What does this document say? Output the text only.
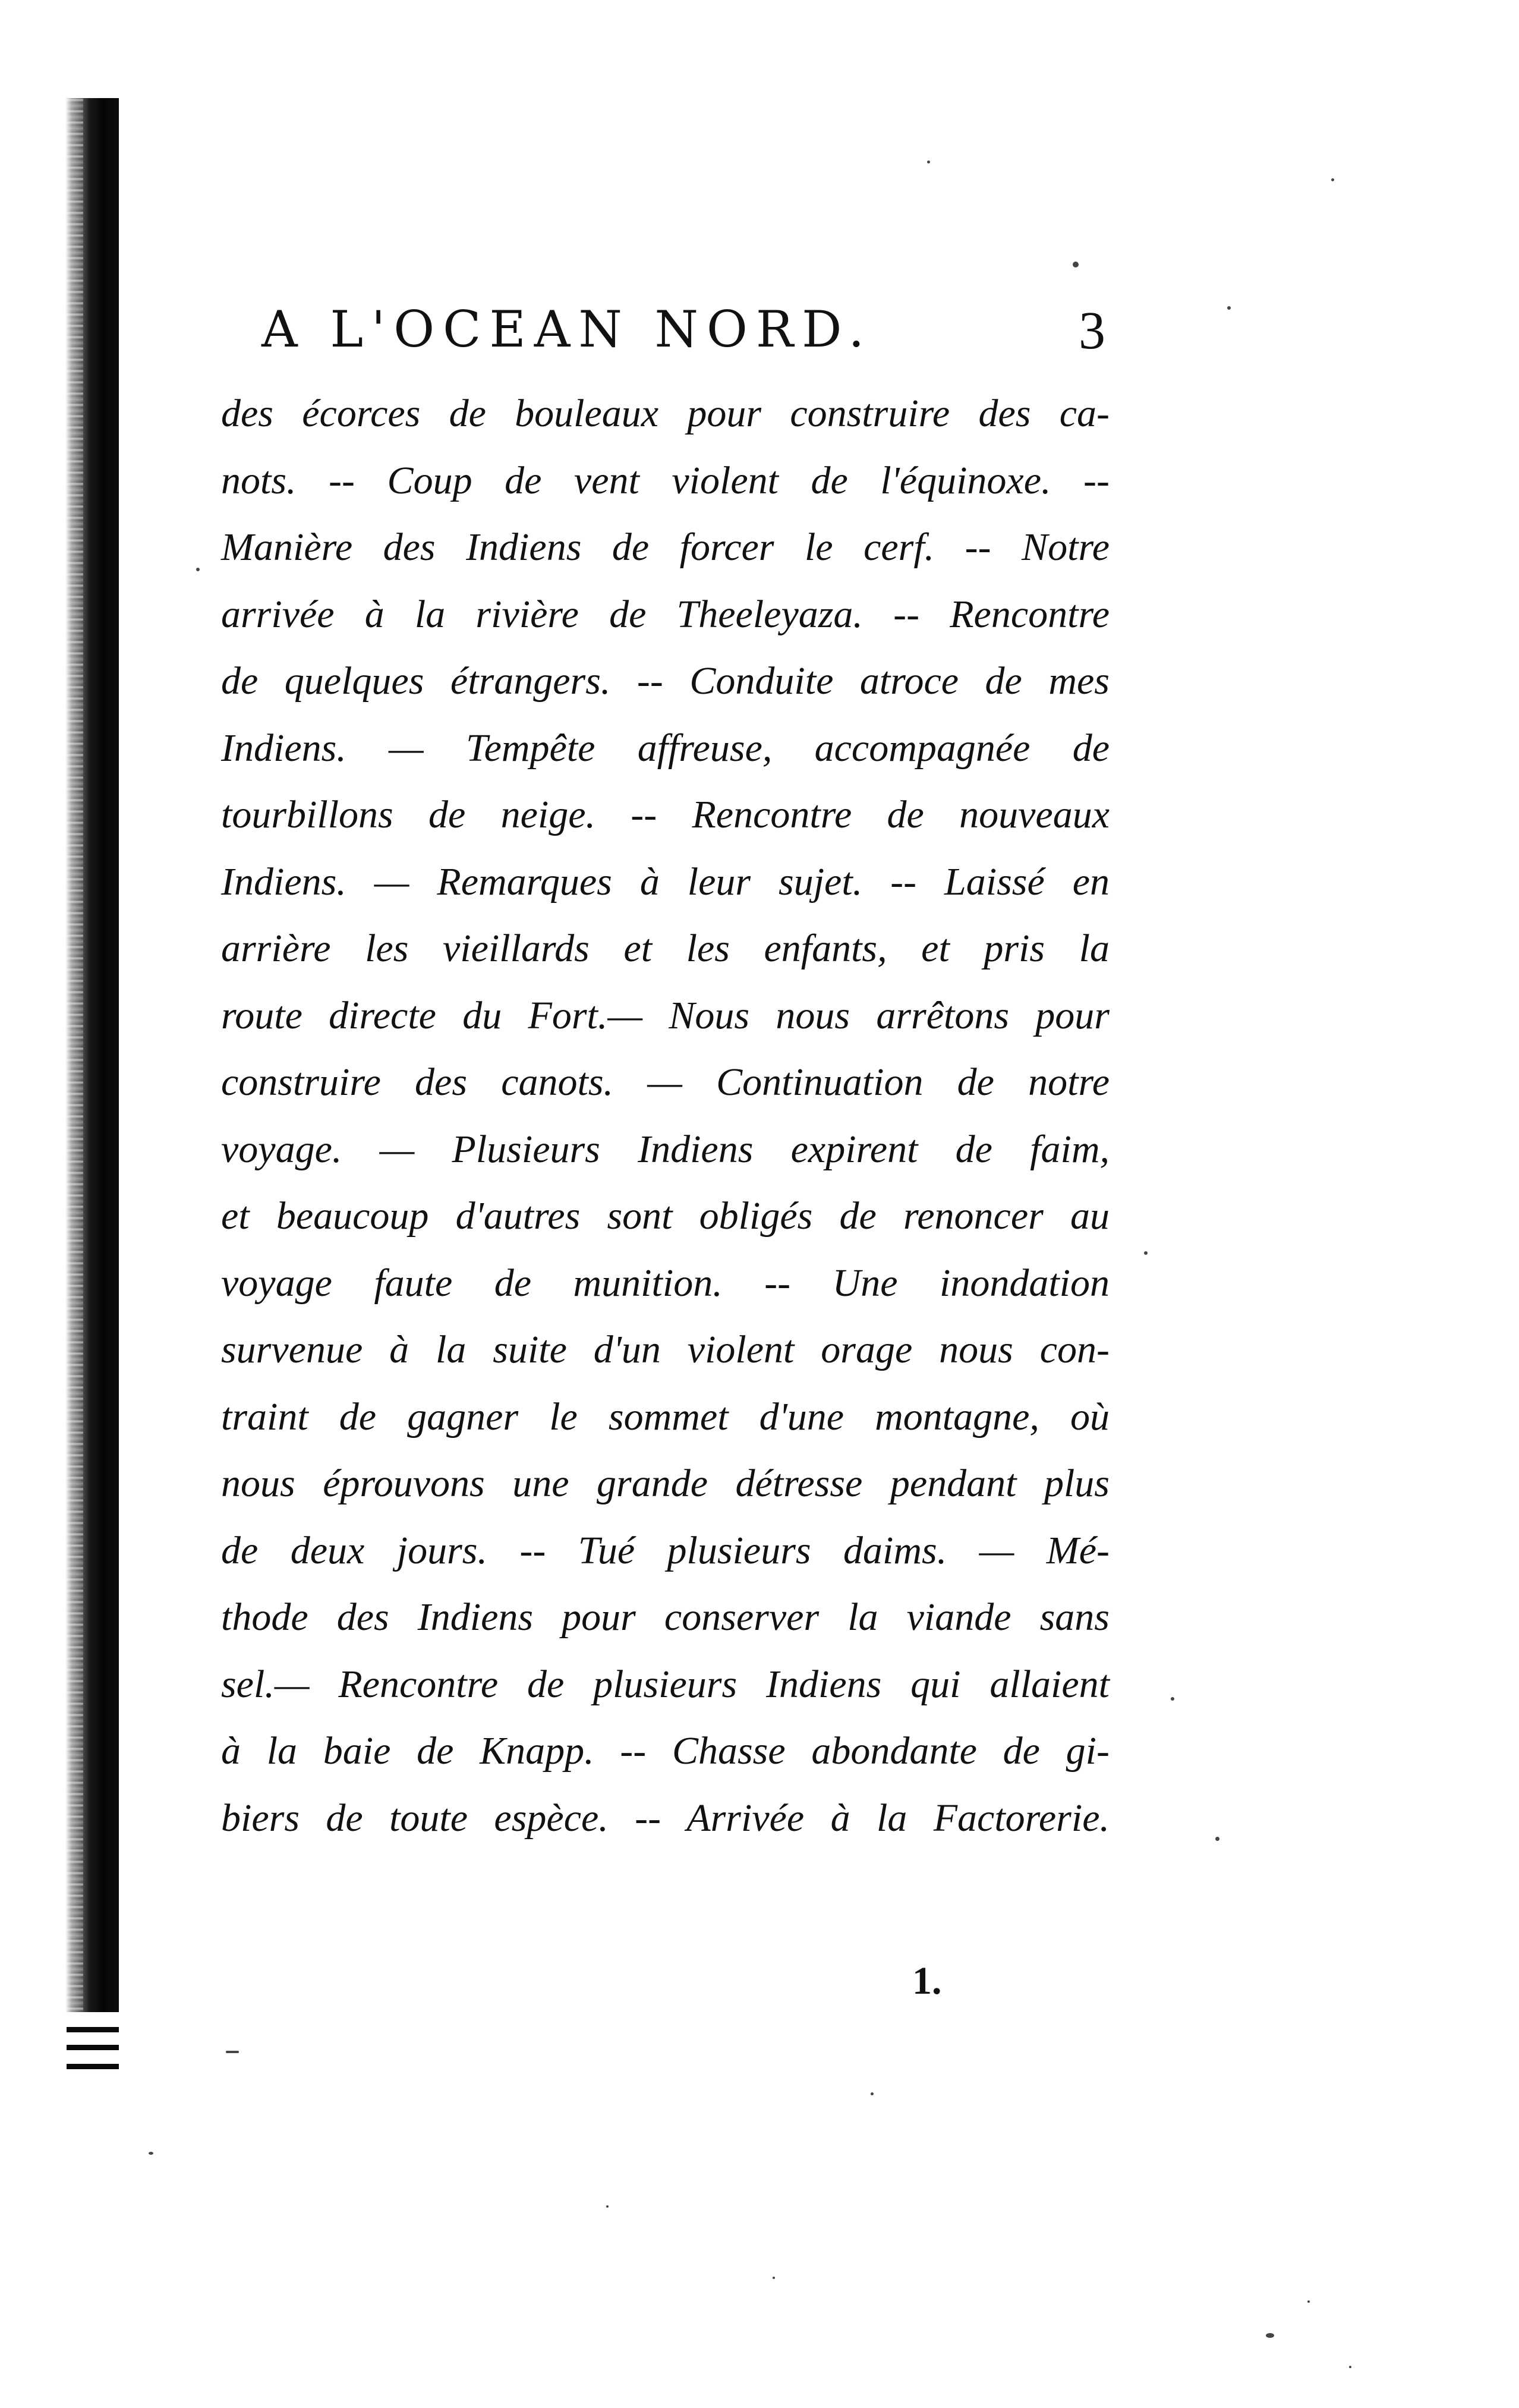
A L'OCEAN NORD.	3
des écorces de bouleaux pour construire des ca-
nots. -- Coup de vent violent de l'équinoxe. --
Manière des Indiens de forcer le cerf. -- Notre
arrivée à la rivière de Theeleyaza. -- Rencontre
de quelques étrangers. -- Conduite atroce de mes
Indiens. — Tempête affreuse, accompagnée de
tourbillons de neige. -- Rencontre de nouveaux
Indiens. — Remarques à leur sujet. -- Laissé en
arrière les vieillards et les enfants, et pris la
route directe du Fort.— Nous nous arrêtons pour
construire des canots. — Continuation de notre
voyage. — Plusieurs Indiens expirent de faim,
et beaucoup d'autres sont obligés de renoncer au
voyage faute de munition. -- Une inondation
survenue à la suite d'un violent orage nous con-
traint de gagner le sommet d'une montagne, où
nous éprouvons une grande détresse pendant plus
de deux jours. -- Tué plusieurs daims. — Mé-
thode des Indiens pour conserver la viande sans
sel.— Rencontre de plusieurs Indiens qui allaient
à la baie de Knapp. -- Chasse abondante de gi-
biers de toute espèce. -- Arrivée à la Factorerie.
1.
